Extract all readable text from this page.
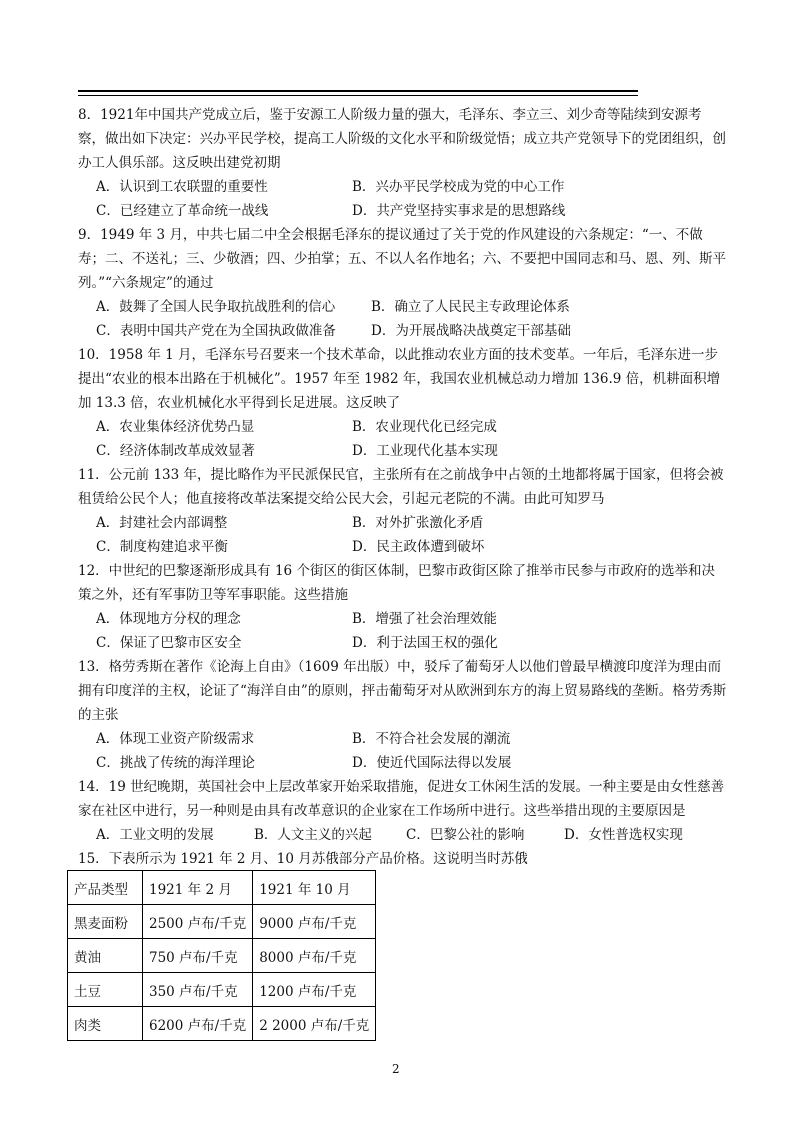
8．1921年中国共产党成立后，鉴于安源工人阶级力量的强大，毛泽东、李立三、刘少奇等陆续到安源考察，做出如下决定：兴办平民学校，提高工人阶级的文化水平和阶级觉悟；成立共产党领导下的党团组织，创办工人俱乐部。这反映出建党初期
A．认识到工农联盟的重要性	B．兴办平民学校成为党的中心工作
C．已经建立了革命统一战线	D．共产党坚持实事求是的思想路线
9．1949 年 3 月，中共七届二中全会根据毛泽东的提议通过了关于党的作风建设的六条规定：“一、不做寿；二、不送礼；三、少敬酒；四、少拍掌；五、不以人名作地名；六、不要把中国同志和马、恩、列、斯平列。”“六条规定”的通过
A．鼓舞了全国人民争取抗战胜利的信心	B．确立了人民民主专政理论体系
C．表明中国共产党在为全国执政做准备	D．为开展战略决战奠定干部基础
10．1958 年 1 月，毛泽东号召要来一个技术革命，以此推动农业方面的技术变革。一年后，毛泽东进一步提出“农业的根本出路在于机械化”。1957 年至 1982 年，我国农业机械总动力增加 136.9 倍，机耕面积增加 13.3 倍，农业机械化水平得到长足进展。这反映了
A．农业集体经济优势凸显	B．农业现代化已经完成
C．经济体制改革成效显著	D．工业现代化基本实现
11．公元前 133 年，提比略作为平民派保民官，主张所有在之前战争中占领的土地都将属于国家，但将会被租赁给公民个人；他直接将改革法案提交给公民大会，引起元老院的不满。由此可知罗马
A．封建社会内部调整	B．对外扩张激化矛盾
C．制度构建追求平衡	D．民主政体遭到破坏
12．中世纪的巴黎逐渐形成具有 16 个街区的街区体制，巴黎市政街区除了推举市民参与市政府的选举和决策之外，还有军事防卫等军事职能。这些措施
A．体现地方分权的理念	B．增强了社会治理效能
C．保证了巴黎市区安全	D．利于法国王权的强化
13．格劳秀斯在著作《论海上自由》（1609 年出版）中，驳斥了葡萄牙人以他们曾最早横渡印度洋为理由而拥有印度洋的主权，论证了“海洋自由”的原则，抨击葡萄牙对从欧洲到东方的海上贸易路线的垄断。格劳秀斯的主张
A．体现工业资产阶级需求	B．不符合社会发展的潮流
C．挑战了传统的海洋理论	D．使近代国际法得以发展
14．19 世纪晚期，英国社会中上层改革家开始采取措施，促进女工休闲生活的发展。一种主要是由女性慈善家在社区中进行，另一种则是由具有改革意识的企业家在工作场所中进行。这些举措出现的主要原因是
A．工业文明的发展	B．人文主义的兴起	C．巴黎公社的影响	D．女性普选权实现
15．下表所示为 1921 年 2 月、10 月苏俄部分产品价格。这说明当时苏俄
产品类型	1921 年 2 月	1921 年 10 月
黑麦面粉	2500 卢布/千克	9000 卢布/千克
黄油	750 卢布/千克	8000 卢布/千克
土豆	350 卢布/千克	1200 卢布/千克
肉类	6200 卢布/千克	2 2000 卢布/千克
2
